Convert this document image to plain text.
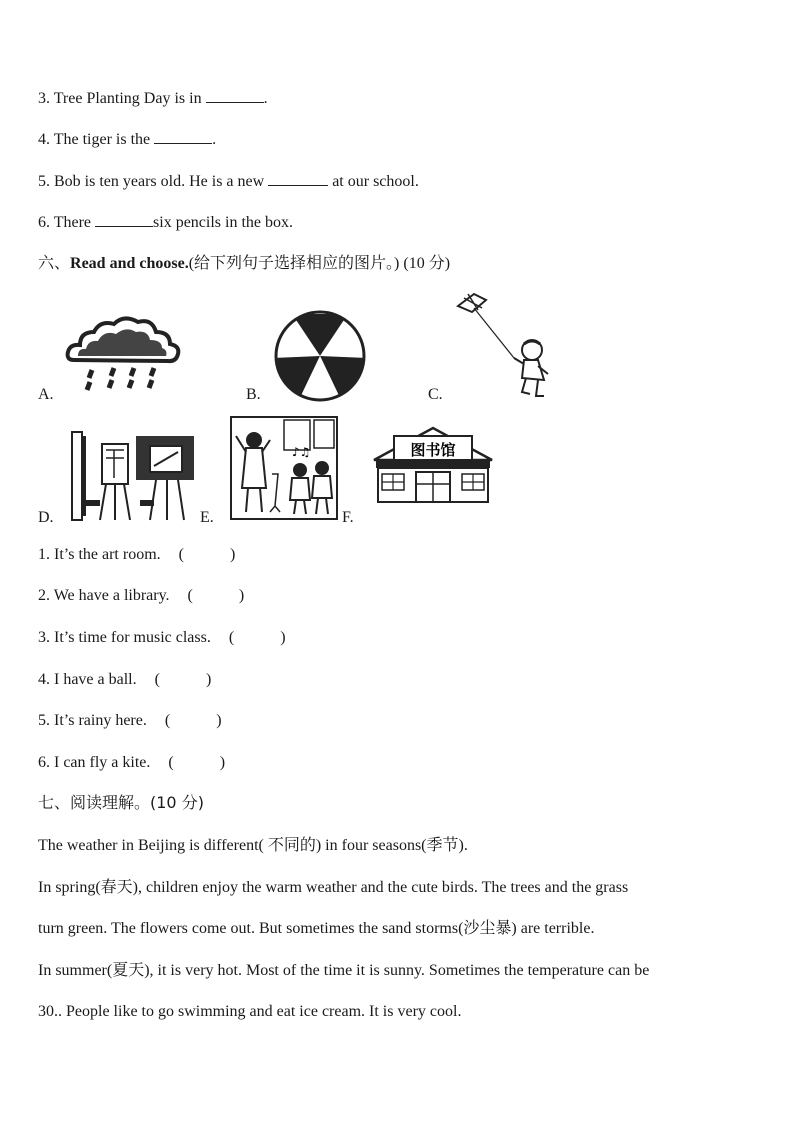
3. Tree Planting Day is in	.
4. The tiger is the	.
5. Bob is ten years old. He is a new	at our school.
6. There	six pencils in the box.
六、Read and choose.(给下列句子选择相应的图片。) (10 分)
A.	B.	C.
D.
♪♫
E.
图书馆
F.
1. It’s the art room. (	)
2. We have a library. (	)
3. It’s time for music class. (	)
4. I have a ball. (	)
5. It’s rainy here. (	)
6. I can fly a kite. (	)
七、阅读理解。(10 分)
The weather in Beijing is different( 不同的) in four seasons(季节).
In spring(春天), children enjoy the warm weather and the cute birds. The trees and the grass
turn green. The flowers come out. But sometimes the sand storms(沙尘暴) are terrible.
In summer(夏天), it is very hot. Most of the time it is sunny. Sometimes the temperature can be
30.. People like to go swimming and eat ice cream. It is very cool.
